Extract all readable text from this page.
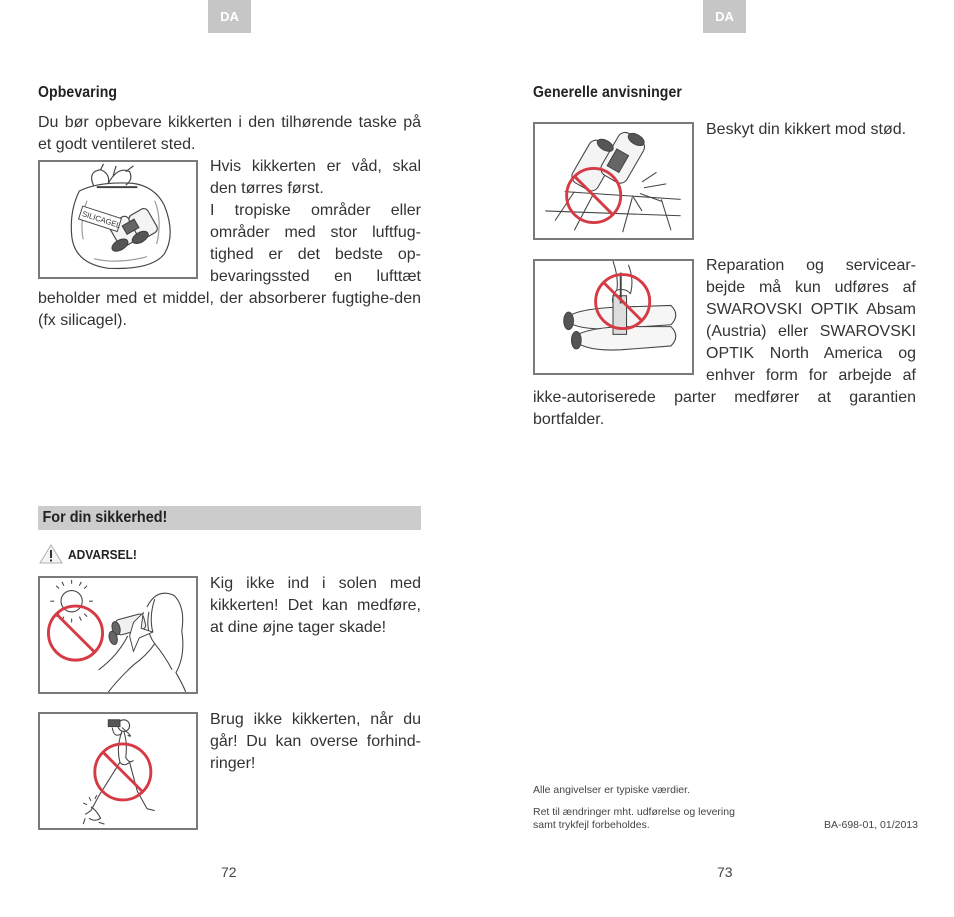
DA
Opbevaring

Du bør opbevare kikkerten i den tilhørende taske på et godt ventileret sted.

SILICAGEL

Hvis kikkerten er våd, skal

den tørres først.

I tropiske områder eller

områder med stor luftfug-

tighed er det bedste op-

bevaringssted en lufttæt

beholder med et middel, der absorberer fugtighe-den (fx silicagel).

For din sikkerhed!
ADVARSEL!

Kig ikke ind i solen med kikkerten! Det kan medføre, at dine øjne tager skade!

Brug ikke kikkerten, når du går! Du kan overse forhind-ringer!

72
DA
Generelle anvisninger

Beskyt din kikkert mod stød.

Reparation og servicear-

bejde må kun udføres af

SWAROVSKI OPTIK Absam

(Austria) eller SWAROVSKI

OPTIK North America og

enhver form for arbejde af

ikke-autoriserede parter medfører at garantien bortfalder.

Alle angivelser er typiske værdier.

Ret til ændringer mht. udførelse og levering

samt trykfejl forbeholdes.	BA-698-01, 01/2013

73
